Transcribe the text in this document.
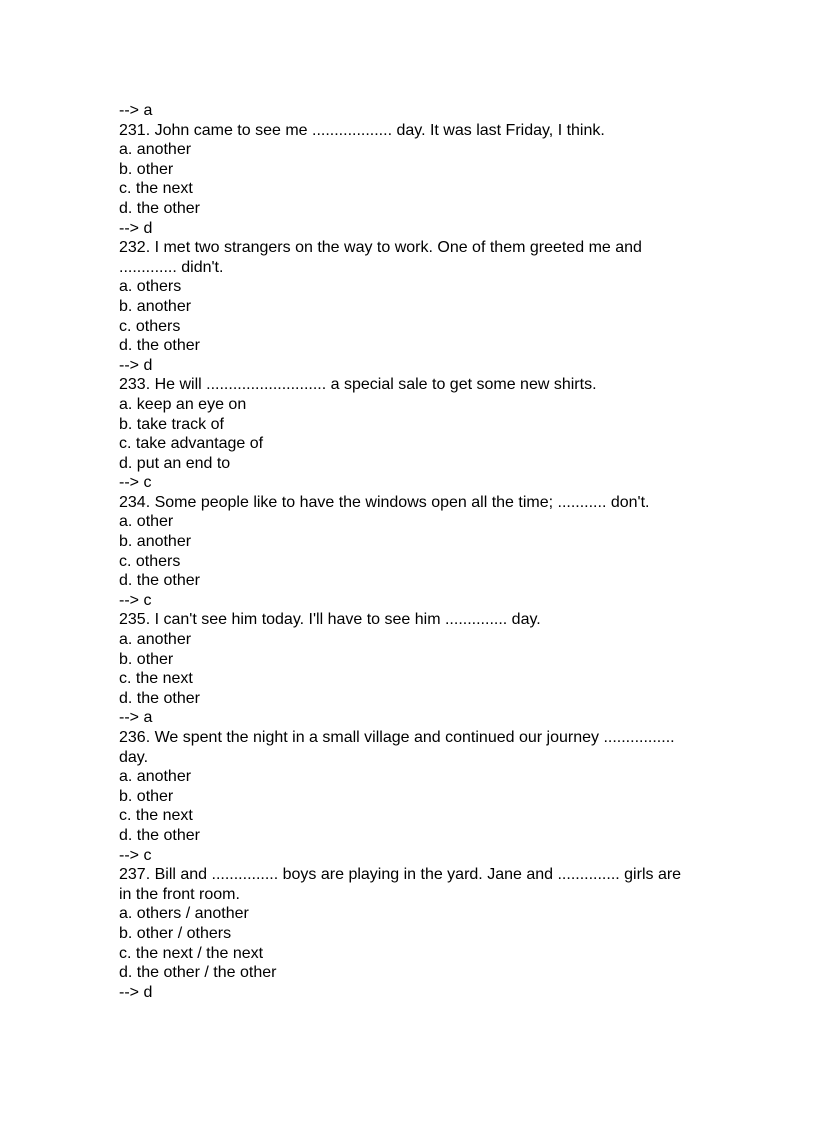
--> a
231. John came to see me .................. day. It was last Friday, I think.
a. another
b. other
c. the next
d. the other
--> d
232. I met two strangers on the way to work. One of them greeted me and
............. didn't.
a. others
b. another
c. others
d. the other
--> d
233. He will ........................... a special sale to get some new shirts.
a. keep an eye on
b. take track of
c. take advantage of
d. put an end to
--> c
234. Some people like to have the windows open all the time; ........... don't.
a. other
b. another
c. others
d. the other
--> c
235. I can't see him today. I'll have to see him .............. day.
a. another
b. other
c. the next
d. the other
--> a
236. We spent the night in a small village and continued our journey ................
day.
a. another
b. other
c. the next
d. the other
--> c
237. Bill and ............... boys are playing in the yard. Jane and .............. girls are
in the front room.
a. others / another
b. other / others
c. the next / the next
d. the other / the other
--> d
